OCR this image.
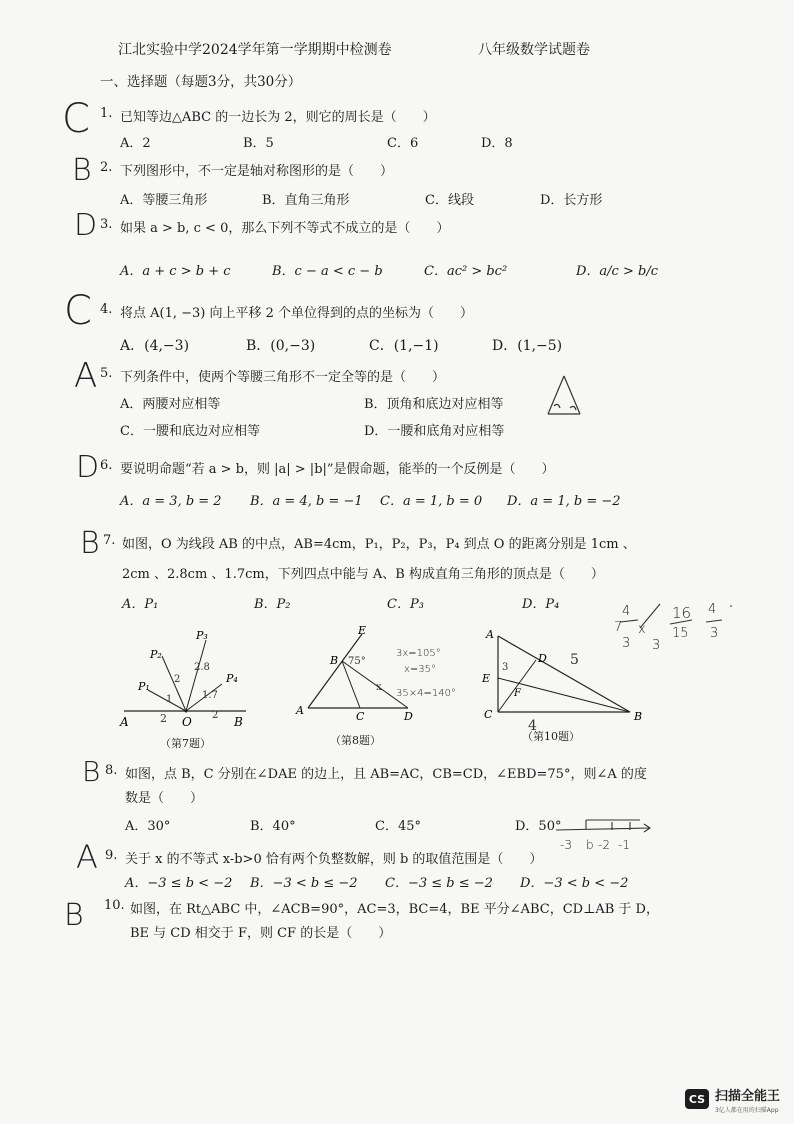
江北实验中学2024学年第一学期期中检测卷	八年级数学试题卷
一、选择题（每题3分，共30分）
C 1. 已知等边△ABC 的一边长为 2，则它的周长是（　　）
A．2	B．5	C．6	D．8
B 2. 下列图形中，不一定是轴对称图形的是（　　）
A．等腰三角形	B．直角三角形	C．线段	D．长方形
D 3. 如果 a > b, c < 0，那么下列不等式不成立的是（　　）
A．a + c > b + c	B．c − a < c − b	C．ac² > bc²	D．a/c > b/c
C 4. 将点 A(1, −3) 向上平移 2 个单位得到的点的坐标为（　　）
A．(4,−3)	B．(0,−3)	C．(1,−1)	D．(1,−5)
A 5. 下列条件中，使两个等腰三角形不一定全等的是（　　）
A．两腰对应相等	B．顶角和底边对应相等
C．一腰和底边对应相等	D．一腰和底角对应相等
D 6. 要说明命题“若 a > b，则 |a| > |b|”是假命题，能举的一个反例是（　　）
A．a = 3, b = 2 B．a = 4, b = −1 C．a = 1, b = 0 D．a = 1, b = −2
B 7. 如图，O 为线段 AB 的中点，AB=4cm，P₁，P₂，P₃，P₄ 到点 O 的距离分别是 1cm 、
2cm 、2.8cm 、1.7cm，下列四点中能与 A、B 构成直角三角形的顶点是（　　）
A．P₁	B．P₂	C．P₃	D．P₄	4
7
3
x
3
16
15
4
3
A	O	B
P₁
P₂
P₃
P₄
2	2
1
2
2.8
1.7
（第7题）
E
B
A	C	D
75°
x
3x=105°
x=35°
35×4=140°
（第8题）
A
D
E
F
C	B
5
4
3
（第10题）
B 8. 如图，点 B，C 分别在∠DAE 的边上，且 AB=AC，CB=CD，∠EBD=75°，则∠A 的度
数是（　　）
A．30°	B．40°	C．45°	D．50°
-3 b -2 -1
A 9. 关于 x 的不等式 x-b>0 恰有两个负整数解，则 b 的取值范围是（　　）
A．−3 ≤ b < −2 B．−3 < b ≤ −2 C．−3 ≤ b ≤ −2 D．−3 < b < −2
B 10. 如图，在 Rt△ABC 中，∠ACB=90°，AC=3，BC=4，BE 平分∠ABC，CD⊥AB 于 D，
BE 与 CD 相交于 F，则 CF 的长是（　　）
CS 扫描全能王
3亿人都在用的扫描App
